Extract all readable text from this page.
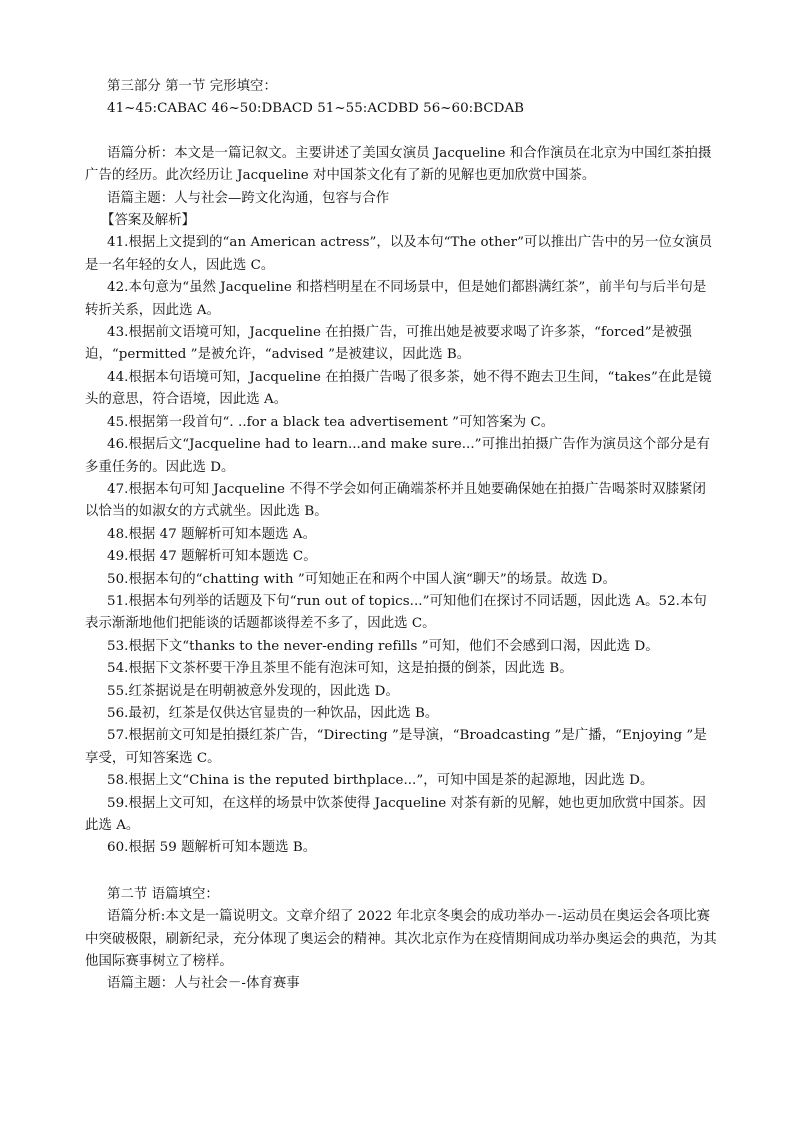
第三部分 第一节 完形填空：
41~45:CABAC 46~50:DBACD 51~55:ACDBD 56~60:BCDAB
语篇分析：本文是一篇记叙文。主要讲述了美国女演员 Jacqueline 和合作演员在北京为中国红茶拍摄广告的经历。此次经历让 Jacqueline 对中国茶文化有了新的见解也更加欣赏中国茶。
语篇主题：人与社会—跨文化沟通，包容与合作
【答案及解析】
41.根据上文提到的“an American actress”，以及本句“The other”可以推出广告中的另一位女演员是一名年轻的女人，因此选 C。
42.本句意为“虽然 Jacqueline 和搭档明星在不同场景中，但是她们都斟满红茶”，前半句与后半句是转折关系，因此选 A。
43.根据前文语境可知，Jacqueline 在拍摄广告，可推出她是被要求喝了许多茶，“forced”是被强迫，“permitted ”是被允许，“advised ”是被建议，因此选 B。
44.根据本句语境可知，Jacqueline 在拍摄广告喝了很多茶，她不得不跑去卫生间，“takes”在此是镜头的意思，符合语境，因此选 A。
45.根据第一段首句“. ..for a black tea advertisement ”可知答案为 C。
46.根据后文“Jacqueline had to learn...and make sure...”可推出拍摄广告作为演员这个部分是有多重任务的。因此选 D。
47.根据本句可知 Jacqueline 不得不学会如何正确端茶杯并且她要确保她在拍摄广告喝茶时双膝紧闭以恰当的如淑女的方式就坐。因此选 B。
48.根据 47 题解析可知本题选 A。
49.根据 47 题解析可知本题选 C。
50.根据本句的“chatting with ”可知她正在和两个中国人演“聊天”的场景。故选 D。
51.根据本句列举的话题及下句“run out of topics...”可知他们在探讨不同话题，因此选 A。52.本句表示渐渐地他们把能谈的话题都谈得差不多了，因此选 C。
53.根据下文“thanks to the never-ending refills ”可知，他们不会感到口渴，因此选 D。
54.根据下文茶杯要干净且茶里不能有泡沫可知，这是拍摄的倒茶，因此选 B。
55.红茶据说是在明朝被意外发现的，因此选 D。
56.最初，红茶是仅供达官显贵的一种饮品，因此选 B。
57.根据前文可知是拍摄红茶广告，“Directing ”是导演，“Broadcasting ”是广播，“Enjoying ”是享受，可知答案选 C。
58.根据上文“China is the reputed birthplace...”，可知中国是茶的起源地，因此选 D。
59.根据上文可知，在这样的场景中饮茶使得 Jacqueline 对茶有新的见解，她也更加欣赏中国茶。因此选 A。
60.根据 59 题解析可知本题选 B。
第二节 语篇填空：
语篇分析:本文是一篇说明文。文章介绍了 2022 年北京冬奥会的成功举办－-运动员在奥运会各项比赛中突破极限，刷新纪录，充分体现了奥运会的精神。其次北京作为在疫情期间成功举办奥运会的典范，为其他国际赛事树立了榜样。
语篇主题：人与社会－-体育赛事
